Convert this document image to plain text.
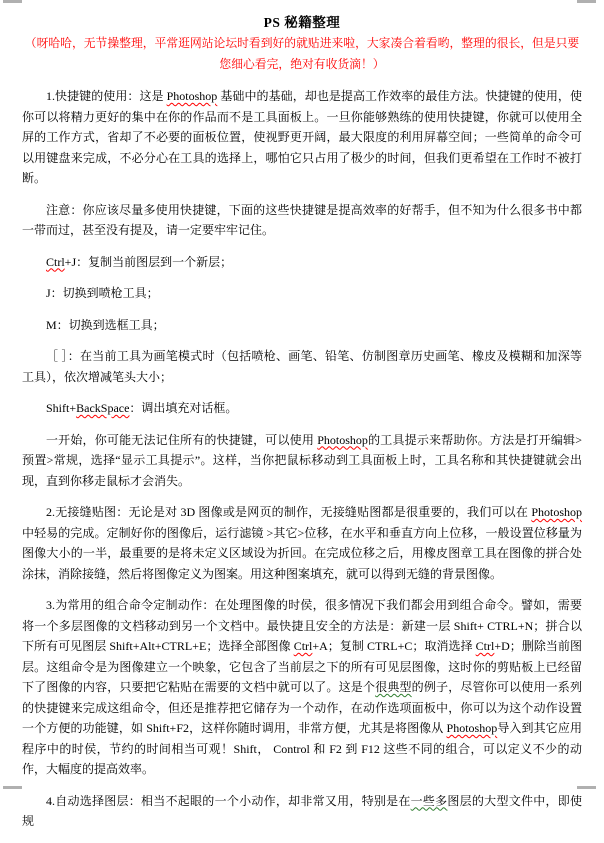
PS 秘籍整理
（呀哈哈，无节操整理，平常逛网站论坛时看到好的就贴进来啦，大家凑合着看哟，整理的很长，但是只要
您细心看完，绝对有收货滴！）

1.快捷键的使用：这是 Photoshop 基础中的基础，却也是提高工作效率的最佳方法。快捷键的使用，使你可以将精力更好的集中在你的作品而不是工具面板上。一旦你能够熟练的使用快捷键，你就可以使用全屏的工作方式，省却了不必要的面板位置，使视野更开阔，最大限度的利用屏幕空间；一些简单的命令可以用键盘来完成，不必分心在工具的选择上，哪怕它只占用了极少的时间，但我们更希望在工作时不被打断。

注意：你应该尽量多使用快捷键，下面的这些快捷键是提高效率的好帮手，但不知为什么很多书中都一带而过，甚至没有提及，请一定要牢牢记住。

Ctrl+J：复制当前图层到一个新层；

J：切换到喷枪工具；

M：切换到选框工具；

［ ］：在当前工具为画笔模式时（包括喷枪、画笔、铅笔、仿制图章历史画笔、橡皮及模糊和加深等工具），依次增减笔头大小；

Shift+BackSpace：调出填充对话框。

一开始，你可能无法记住所有的快捷键，可以使用 Photoshop的工具提示来帮助你。方法是打开编辑>预置>常规，选择“显示工具提示”。这样，当你把鼠标移动到工具面板上时，工具名称和其快捷键就会出现，直到你移走鼠标才会消失。

2.无接缝贴图：无论是对 3D 图像或是网页的制作，无接缝贴图都是很重要的，我们可以在 Photoshop中轻易的完成。定制好你的图像后，运行滤镜 >其它>位移，在水平和垂直方向上位移，一般设置位移量为图像大小的一半，最重要的是将未定义区域设为折回。在完成位移之后，用橡皮图章工具在图像的拼合处涂抹，消除接缝，然后将图像定义为图案。用这种图案填充，就可以得到无缝的背景图像。

3.为常用的组合命令定制动作：在处理图像的时侯，很多情况下我们都会用到组合命令。譬如，需要将一个多层图像的文档移动到另一个文档中。最快捷且安全的方法是：新建一层 Shift+ CTRL+N；拼合以下所有可见图层 Shift+Alt+CTRL+E；选择全部图像 Ctrl+A；复制 CTRL+C；取消选择 Ctrl+D；删除当前图层。这组命令是为图像建立一个映象，它包含了当前层之下的所有可见层图像，这时你的剪贴板上已经留下了图像的内容，只要把它粘贴在需要的文档中就可以了。这是个很典型的例子，尽管你可以使用一系列的快捷键来完成这组命令，但还是推荐把它储存为一个动作，在动作选项面板中，你可以为这个动作设置一个方便的功能键，如 Shift+F2，这样你随时调用，非常方便，尤其是将图像从 Photoshop导入到其它应用程序中的时侯，节约的时间相当可观！Shift， Control 和 F2 到 F12 这些不同的组合，可以定义不少的动作，大幅度的提高效率。

4.自动选择图层：相当不起眼的一个小动作，却非常又用，特别是在一些多图层的大型文件中，即使规
